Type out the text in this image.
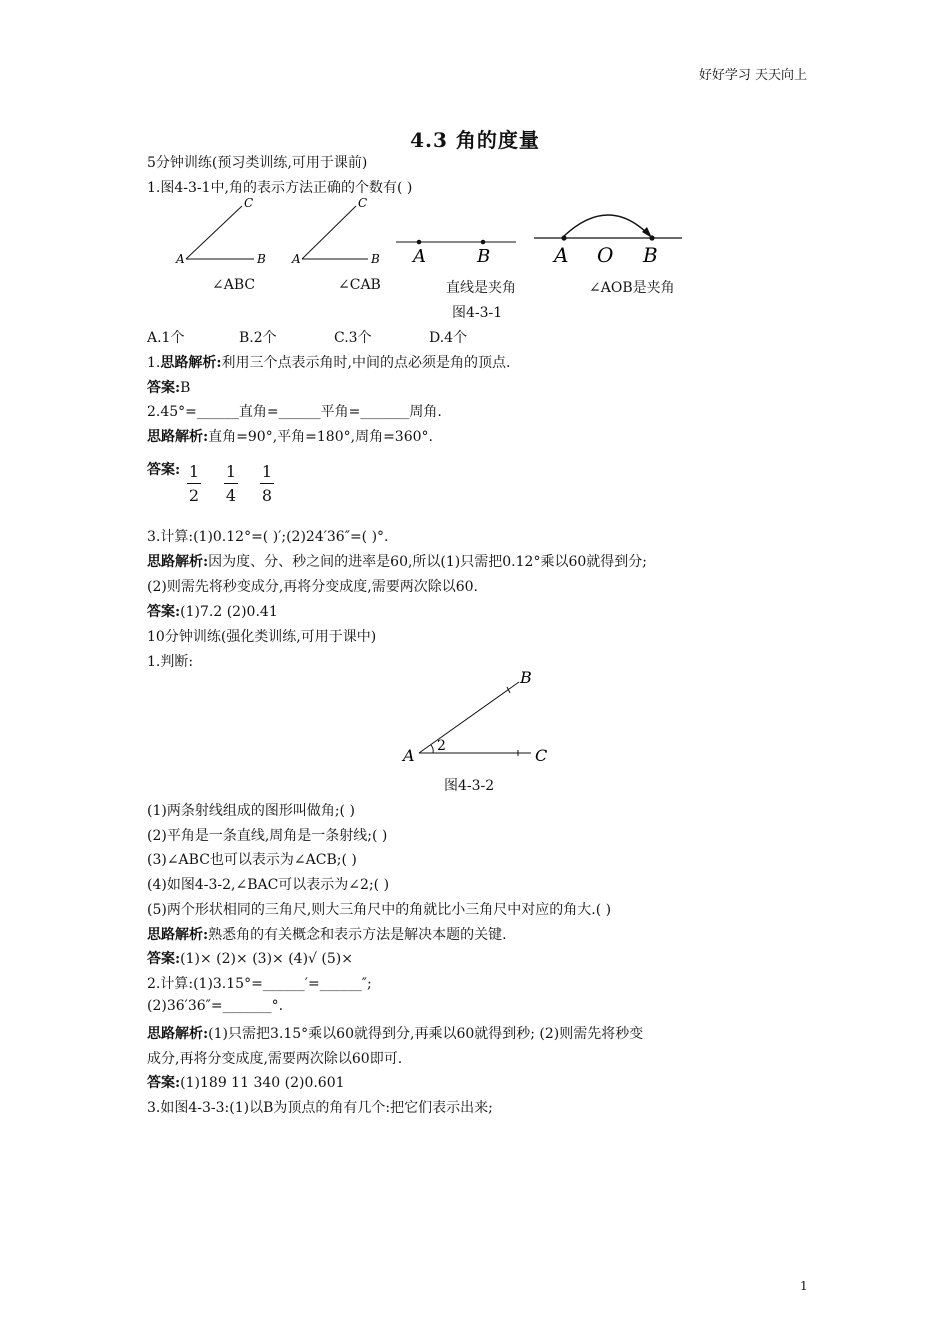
好好学习 天天向上
4.3 角的度量
5分钟训练(预习类训练,可用于课前)
1.图4-3-1中,角的表示方法正确的个数有( )
A
C
B A
C
B A	B	A O B
∠ABC	∠CAB	直线是夹角	∠AOB是夹角
图4-3-1
A.1个	B.2个	C.3个	D.4个
1.思路解析:利用三个点表示角时,中间的点必须是角的顶点.
答案:B
2.45°=______直角=______平角=_______周角.
思路解析:直角=90°,平角=180°,周角=360°.
答案: $\frac{1}{2} \frac{1}{4} \frac{1}{8}$
3.计算:(1)0.12°=( )′;(2)24′36″=( )°.
思路解析:因为度、分、秒之间的进率是60,所以(1)只需把0.12°乘以60就得到分;
(2)则需先将秒变成分,再将分变成度,需要两次除以60.
答案:(1)7.2 (2)0.41
10分钟训练(强化类训练,可用于课中)
1.判断:
A
B
C
2
图4-3-2
(1)两条射线组成的图形叫做角;( )
(2)平角是一条直线,周角是一条射线;( )
(3)∠ABC也可以表示为∠ACB;( )
(4)如图4-3-2,∠BAC可以表示为∠2;( )
(5)两个形状相同的三角尺,则大三角尺中的角就比小三角尺中对应的角大.( )
思路解析:熟悉角的有关概念和表示方法是解决本题的关键.
答案:(1)× (2)× (3)× (4)√ (5)×
2.计算:(1)3.15°=______′=______″;
(2)36′36″=_______°.
思路解析:(1)只需把3.15°乘以60就得到分,再乘以60就得到秒; (2)则需先将秒变
成分,再将分变成度,需要两次除以60即可.
答案:(1)189 11 340 (2)0.601
3.如图4-3-3:(1)以B为顶点的角有几个:把它们表示出来;
1
